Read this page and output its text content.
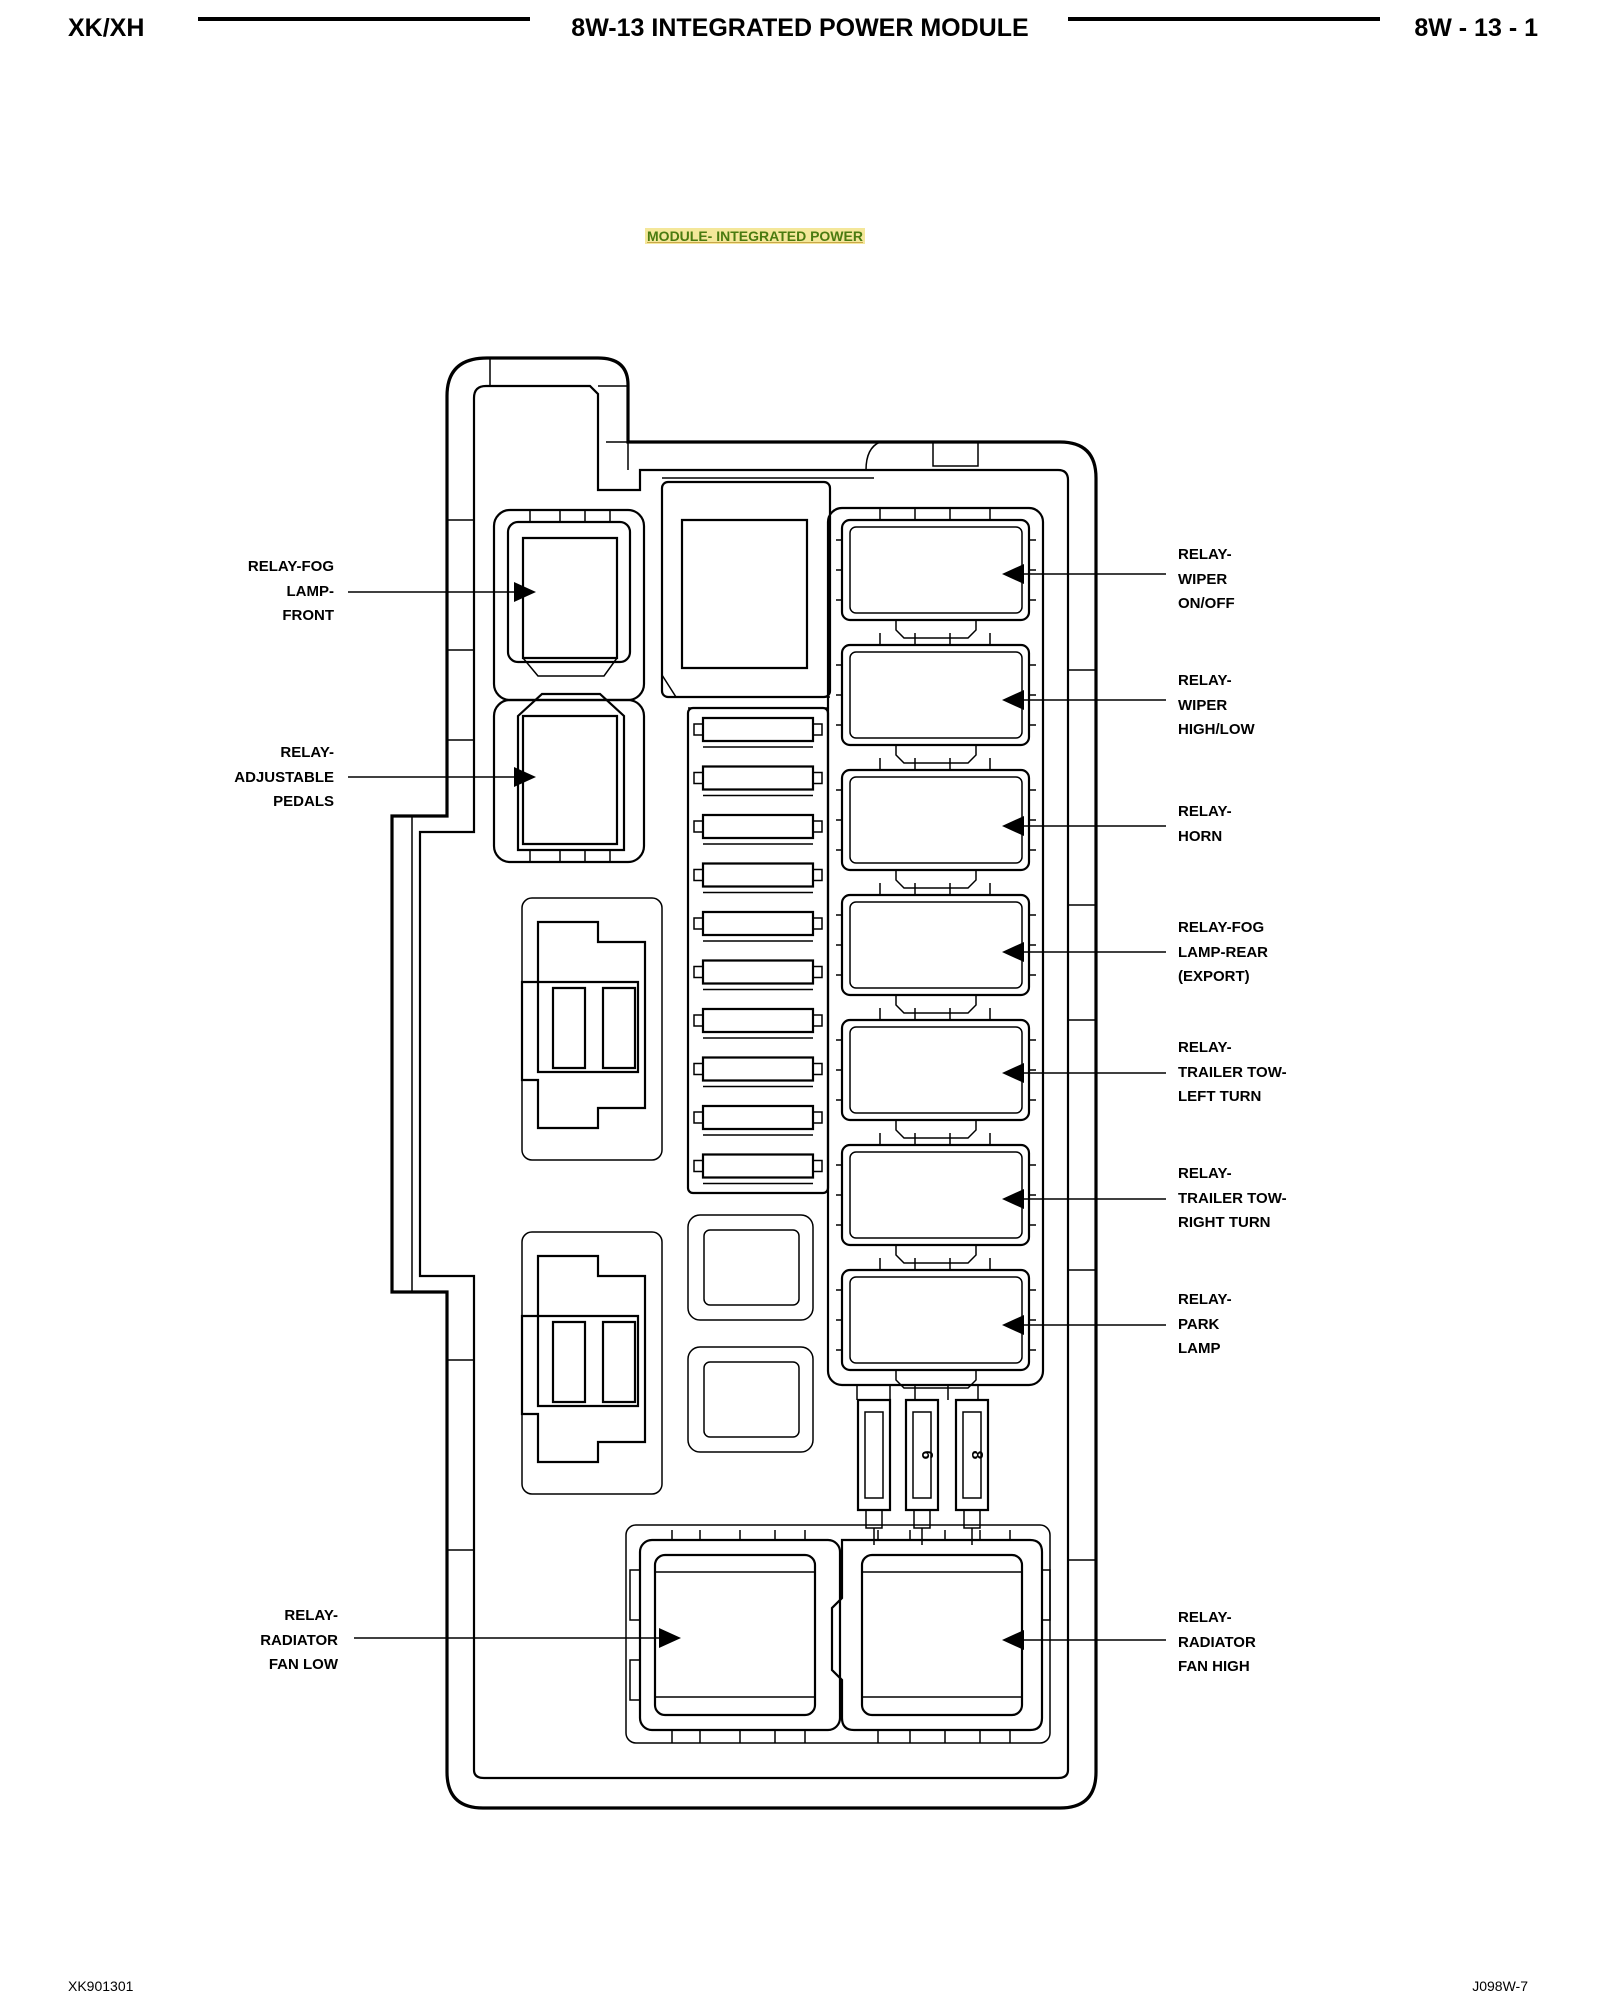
XK/XH	8W-13 INTEGRATED POWER MODULE	8W - 13 - 1
MODULE- INTEGRATED POWER
6 8
RELAY-FOG
LAMP-
FRONT
RELAY-
ADJUSTABLE
PEDALS
RELAY-
RADIATOR
FAN LOW
RELAY-
WIPER
ON/OFF
RELAY-
WIPER
HIGH/LOW
RELAY-
HORN
RELAY-FOG
LAMP-REAR
(EXPORT)
RELAY-
TRAILER TOW-
LEFT TURN
RELAY-
TRAILER TOW-
RIGHT TURN
RELAY-
PARK
LAMP
RELAY-
RADIATOR
FAN HIGH
XK901301	J098W-7
